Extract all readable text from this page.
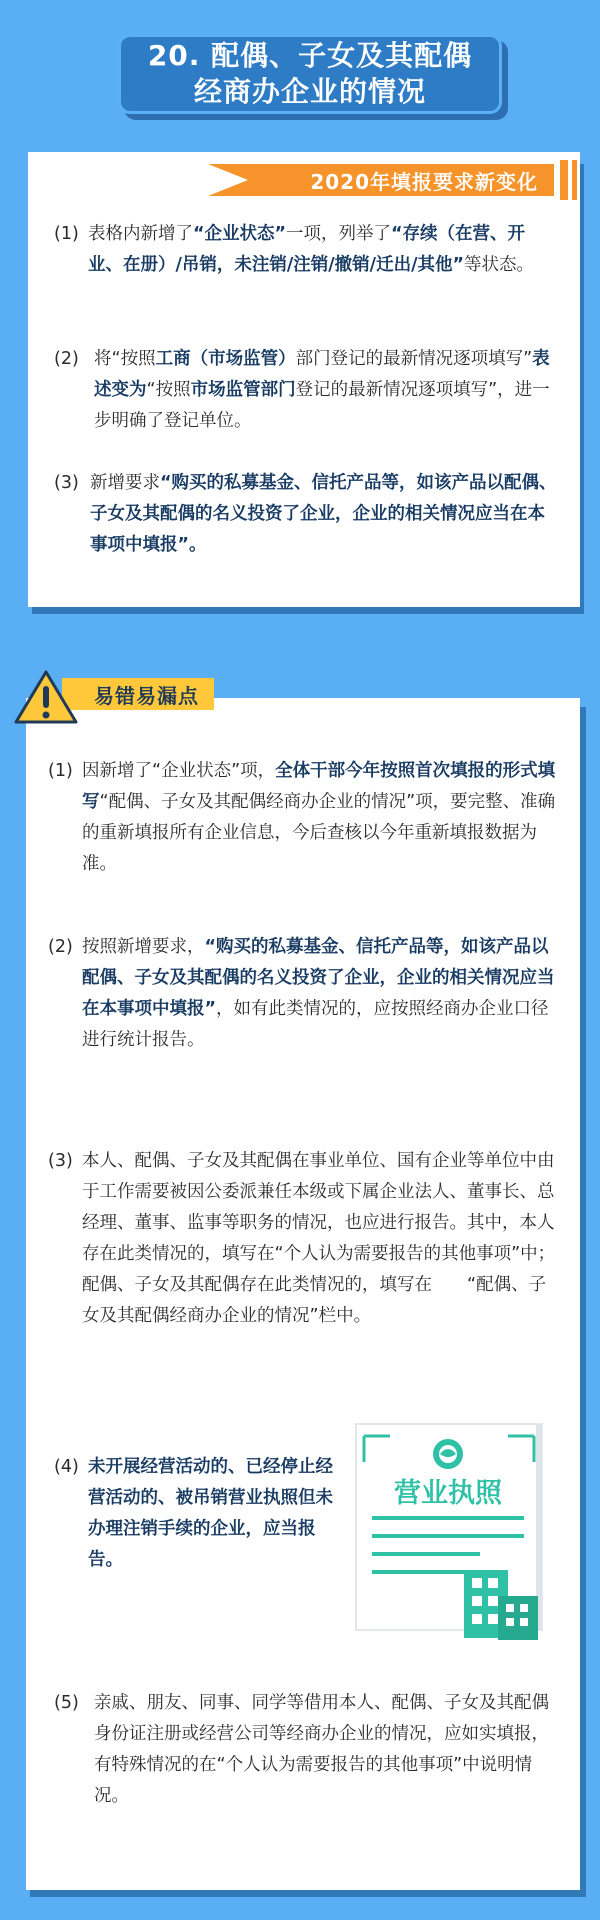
20. 配偶、子女及其配偶
经商办企业的情况
2020年填报要求新变化
(1) 表格内新增了“企业状态”一项，列举了“存续（在营、开业、在册）/吊销，未注销/注销/撤销/迁出/其他”等状态。
(2) 将“按照工商（市场监管）部门登记的最新情况逐项填写”表述变为“按照市场监管部门登记的最新情况逐项填写”，进一步明确了登记单位。
(3) 新增要求“购买的私募基金、信托产品等，如该产品以配偶、子女及其配偶的名义投资了企业，企业的相关情况应当在本事项中填报”。
易错易漏点
(1) 因新增了“企业状态”项，全体干部今年按照首次填报的形式填写“配偶、子女及其配偶经商办企业的情况”项，要完整、准确的重新填报所有企业信息，今后查核以今年重新填报数据为准。
(2) 按照新增要求，“购买的私募基金、信托产品等，如该产品以配偶、子女及其配偶的名义投资了企业，企业的相关情况应当在本事项中填报”，如有此类情况的，应按照经商办企业口径进行统计报告。
(3) 本人、配偶、子女及其配偶在事业单位、国有企业等单位中由于工作需要被因公委派兼任本级或下属企业法人、董事长、总经理、董事、监事等职务的情况，也应进行报告。其中，本人存在此类情况的，填写在“个人认为需要报告的其他事项”中；配偶、子女及其配偶存在此类情况的，填写在　　“配偶、子女及其配偶经商办企业的情况”栏中。
(4) 未开展经营活动的、已经停止经营活动的、被吊销营业执照但未办理注销手续的企业，应当报告。
营业执照
(5) 亲戚、朋友、同事、同学等借用本人、配偶、子女及其配偶身份证注册或经营公司等经商办企业的情况，应如实填报，有特殊情况的在“个人认为需要报告的其他事项”中说明情况。
